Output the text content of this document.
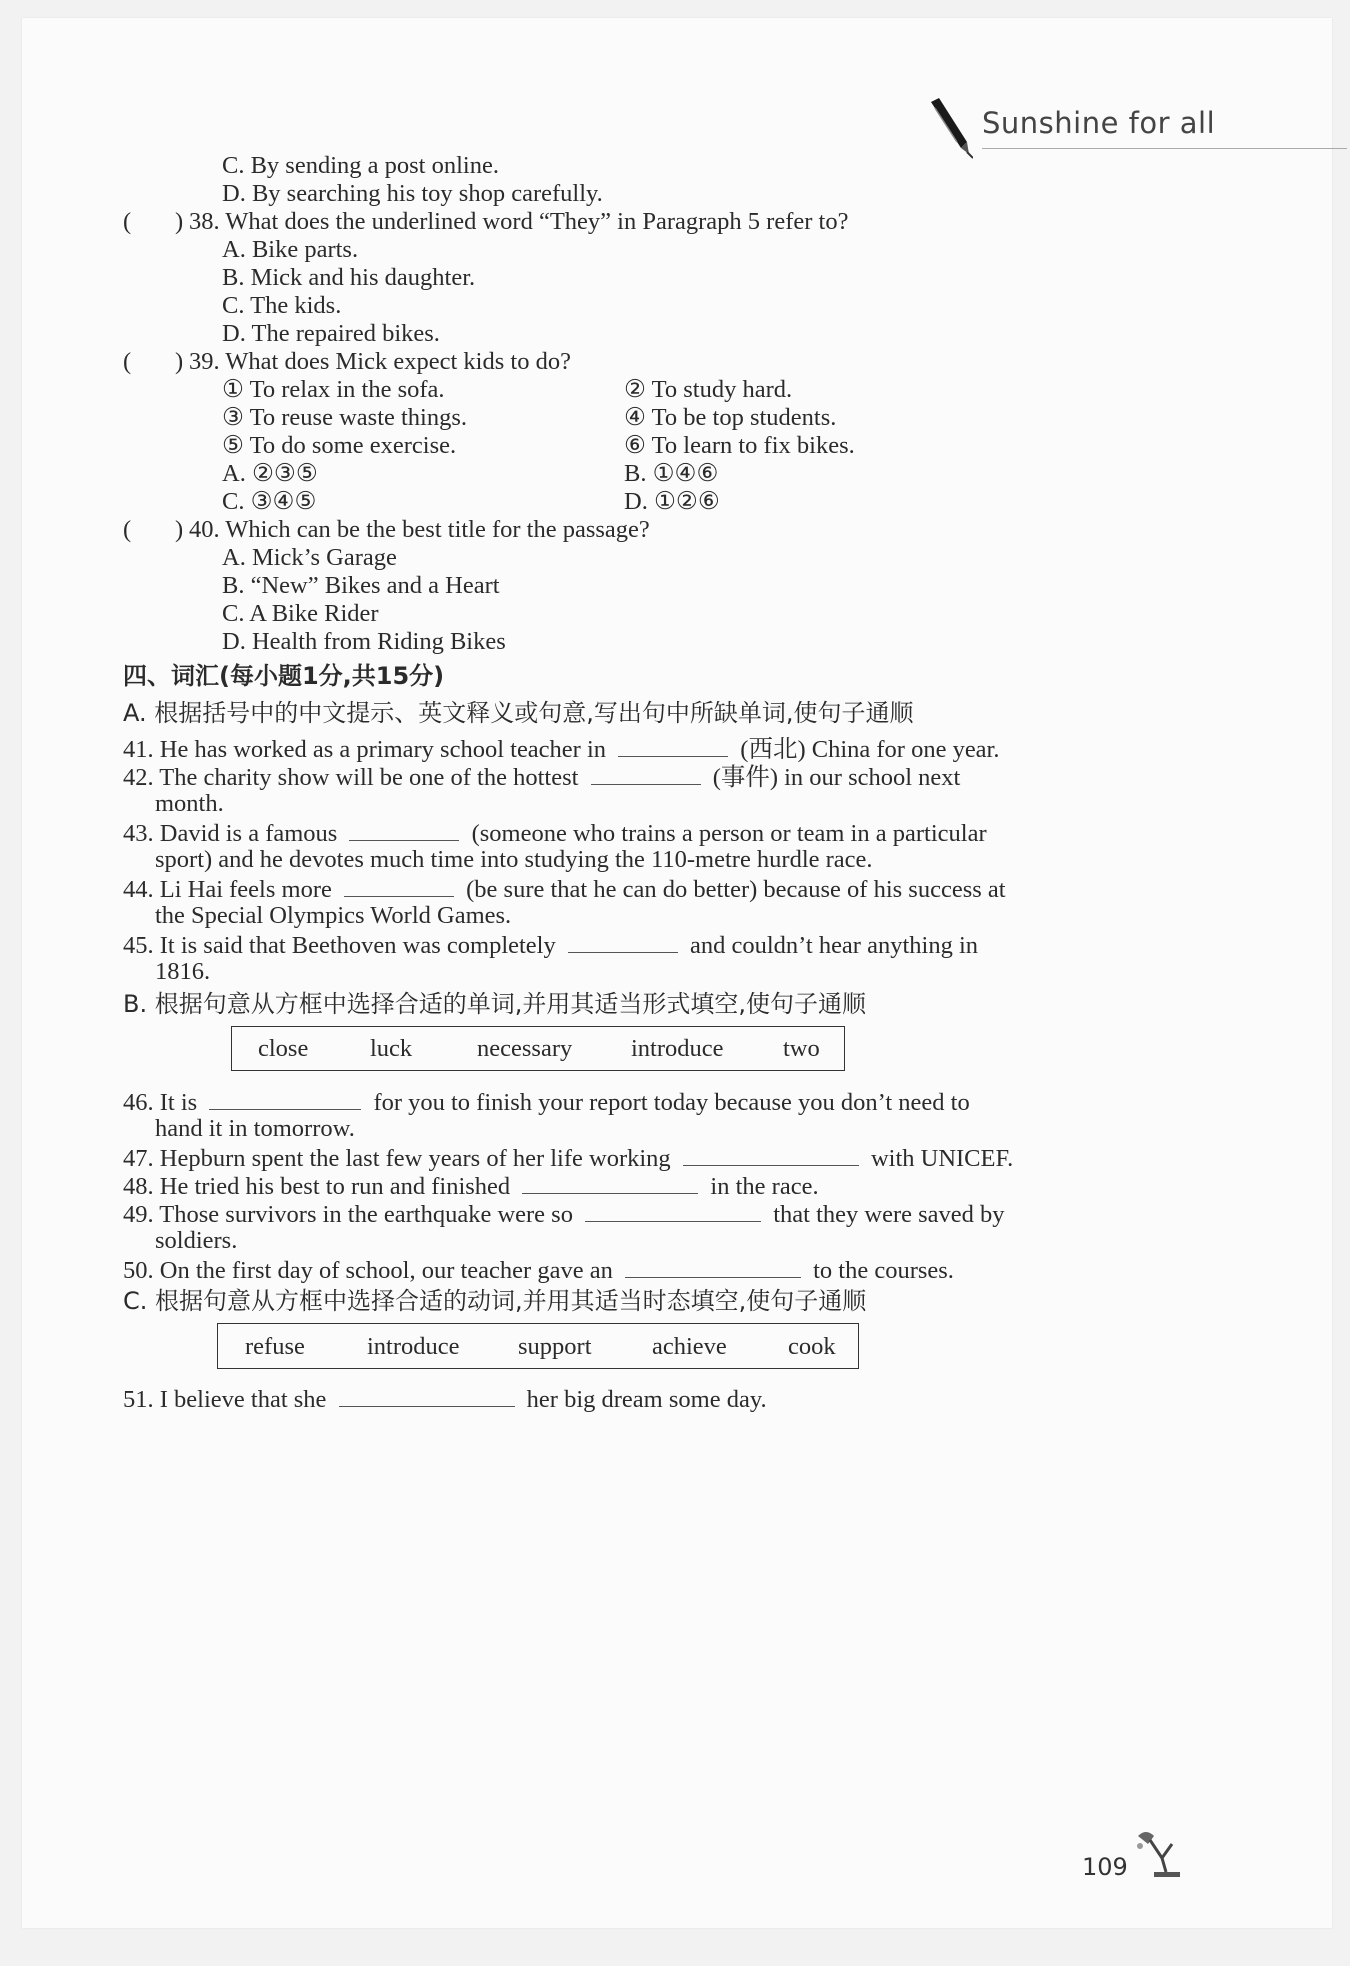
Sunshine for all
C. By sending a post online.
D. By searching his toy shop carefully.
( ) 38. What does the underlined word “They” in Paragraph 5 refer to?
A. Bike parts.
B. Mick and his daughter.
C. The kids.
D. The repaired bikes.
( ) 39. What does Mick expect kids to do?
① To relax in the sofa.	② To study hard.
③ To reuse waste things.	④ To be top students.
⑤ To do some exercise.	⑥ To learn to fix bikes.
A. ②③⑤	B. ①④⑥
C. ③④⑤	D. ①②⑥
( ) 40. Which can be the best title for the passage?
A. Mick’s Garage
B. “New” Bikes and a Heart
C. A Bike Rider
D. Health from Riding Bikes
四、词汇(每小题1分,共15分)
A. 根据括号中的中文提示、英文释义或句意,写出句中所缺单词,使句子通顺
41. He has worked as a primary school teacher in	(西北) China for one year.
42. The charity show will be one of the hottest	(事件) in our school next
month.
43. David is a famous	(someone who trains a person or team in a particular
sport) and he devotes much time into studying the 110-metre hurdle race.
44. Li Hai feels more	(be sure that he can do better) because of his success at
the Special Olympics World Games.
45. It is said that Beethoven was completely	and couldn’t hear anything in
1816.
B. 根据句意从方框中选择合适的单词,并用其适当形式填空,使句子通顺
close	luck	necessary introduce two
46. It is	for you to finish your report today because you don’t need to
hand it in tomorrow.
47. Hepburn spent the last few years of her life working	with UNICEF.
48. He tried his best to run and finished	in the race.
49. Those survivors in the earthquake were so	that they were saved by
soldiers.
50. On the first day of school, our teacher gave an	to the courses.
C. 根据句意从方框中选择合适的动词,并用其适当时态填空,使句子通顺
refuse	introduce support achieve cook
51. I believe that she	her big dream some day.
109
